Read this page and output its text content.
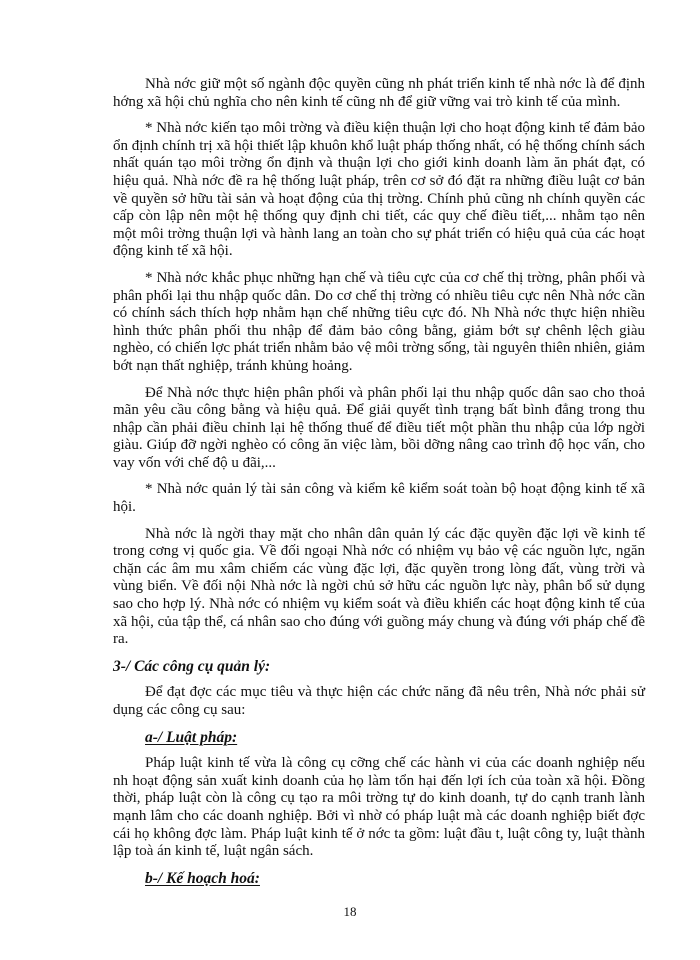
Nhà nớc giữ một số ngành độc quyền cũng nh phát triển kinh tế nhà nớc là để định hớng xã hội chủ nghĩa cho nên kinh tế cũng nh để giữ vững vai trò kinh tế của mình.

* Nhà nớc kiến tạo môi trờng và điều kiện thuận lợi cho hoạt động kinh tế đảm bảo ổn định chính trị xã hội thiết lập khuôn khổ luật pháp thống nhất, có hệ thống chính sách nhất quán tạo môi trờng ổn định và thuận lợi cho giới kinh doanh làm ăn phát đạt, có hiệu quả. Nhà nớc đề ra hệ thống luật pháp, trên cơ sở đó đặt ra những điều luật cơ bản về quyền sở hữu tài sản và hoạt động của thị trờng. Chính phủ cũng nh chính quyền các cấp còn lập nên một hệ thống quy định chi tiết, các quy chế điều tiết,... nhằm tạo nên một môi trờng thuận lợi và hành lang an toàn cho sự phát triển có hiệu quả của các hoạt động kinh tế xã hội.

* Nhà nớc khắc phục những hạn chế và tiêu cực của cơ chế thị trờng, phân phối và phân phối lại thu nhập quốc dân. Do cơ chế thị trờng có nhiều tiêu cực nên Nhà nớc cần có chính sách thích hợp nhằm hạn chế những tiêu cực đó. Nh Nhà nớc thực hiện nhiều hình thức phân phối thu nhập để đảm bảo công bằng, giảm bớt sự chênh lệch giàu nghèo, có chiến lợc phát triển nhằm bảo vệ môi trờng sống, tài nguyên thiên nhiên, giảm bớt nạn thất nghiệp, tránh khủng hoảng.

Để Nhà nớc thực hiện phân phối và phân phối lại thu nhập quốc dân sao cho thoả mãn yêu cầu công bằng và hiệu quả. Để giải quyết tình trạng bất bình đẳng trong thu nhập cần phải điều chỉnh lại hệ thống thuế để điều tiết một phần thu nhập của lớp ngời giàu. Giúp đỡ ngời nghèo có công ăn việc làm, bồi dỡng nâng cao trình độ học vấn, cho vay vốn với chế độ u đãi,...

* Nhà nớc quản lý tài sản công và kiểm kê kiểm soát toàn bộ hoạt động kinh tế xã hội.

Nhà nớc là ngời thay mặt cho nhân dân quản lý các đặc quyền đặc lợi về kinh tế trong cơng vị quốc gia. Về đối ngoại Nhà nớc có nhiệm vụ bảo vệ các nguồn lực, ngăn chặn các âm mu xâm chiếm các vùng đặc lợi, đặc quyền trong lòng đất, vùng trời và vùng biển. Về đối nội Nhà nớc là ngời chủ sở hữu các nguồn lực này, phân bổ sử dụng sao cho hợp lý. Nhà nớc có nhiệm vụ kiểm soát và điều khiển các hoạt động kinh tế của xã hội, của tập thể, cá nhân sao cho đúng với guồng máy chung và đúng với pháp chế đề ra.

3-/ Các công cụ quản lý:

Để đạt đợc các mục tiêu và thực hiện các chức năng đã nêu trên, Nhà nớc phải sử dụng các công cụ sau:

a-/ Luật pháp:

Pháp luật kinh tế vừa là công cụ cỡng chế các hành vi của các doanh nghiệp nếu nh hoạt động sản xuất kinh doanh của họ làm tổn hại đến lợi ích của toàn xã hội. Đồng thời, pháp luật còn là công cụ tạo ra môi trờng tự do kinh doanh, tự do cạnh tranh lành mạnh lâm cho các doanh nghiệp. Bởi vì nhờ có pháp luật mà các doanh nghiệp biết đợc cái họ không đợc làm. Pháp luật kinh tế ở nớc ta gồm: luật đầu t, luật công ty, luật thành lập toà án kinh tế, luật ngân sách.

b-/ Kế hoạch hoá:
18
